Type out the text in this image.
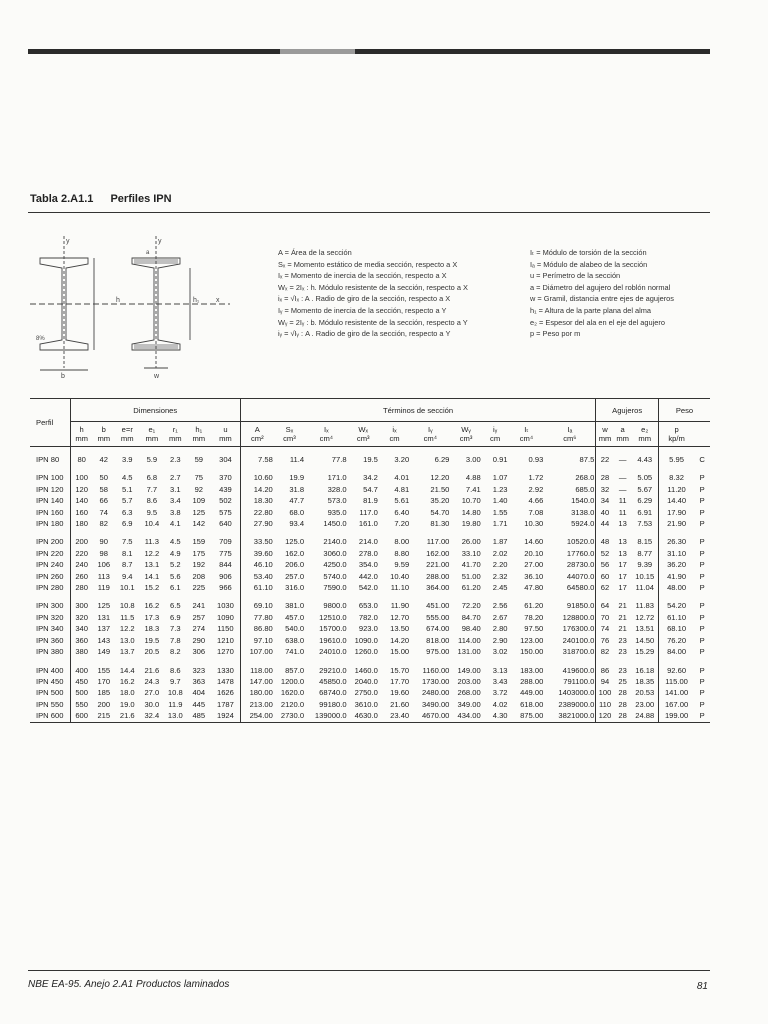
Tabla 2.A1.1 Perfiles IPN
y	y
x
h	h₁
b	w
8%
a	A = Área de la sección
Sₓ = Momento estático de media sección, respecto a X
Iₓ = Momento de inercia de la sección, respecto a X
Wₓ = 2Iₓ : h. Módulo resistente de la sección, respecto a X
iₓ = √Iₓ : A . Radio de giro de la sección, respecto a X
Iᵧ = Momento de inercia de la sección, respecto a Y
Wᵧ = 2Iᵧ : b. Módulo resistente de la sección, respecto a Y
iᵧ = √Iᵧ : A . Radio de giro de la sección, respecto a Y
Iₜ = Módulo de torsión de la sección
Iₐ = Módulo de alabeo de la sección
u = Perímetro de la sección
a = Diámetro del agujero del roblón normal
w = Gramil, distancia entre ejes de agujeros
h₁ = Altura de la parte plana del alma
e₂ = Espesor del ala en el eje del agujero
p = Peso por m
Perfil	Dimensiones							Términos de sección										Agujeros			Peso	
	h	b	e=r	e₁	r₁	h₁	u	A	Sₓ	Iₓ	Wₓ	iₓ	Iᵧ	Wᵧ	iᵧ	Iₜ	Iₐ	w	a	e₂	p	
	mm	mm	mm	mm	mm	mm	mm	cm²	cm³	cm⁴	cm³	cm	cm⁴	cm³	cm	cm⁴	cm⁶	mm	mm	mm	kp/m	

IPN 80	80	42	3.9	5.9	2.3	59	304	7.58	11.4	77.8	19.5	3.20	6.29	3.00	0.91	0.93	87.5	22	—	4.43	5.95	C

IPN 100	100	50	4.5	6.8	2.7	75	370	10.60	19.9	171.0	34.2	4.01	12.20	4.88	1.07	1.72	268.0	28	—	5.05	8.32	P
IPN 120	120	58	5.1	7.7	3.1	92	439	14.20	31.8	328.0	54.7	4.81	21.50	7.41	1.23	2.92	685.0	32	—	5.67	11.20	P
IPN 140	140	66	5.7	8.6	3.4	109	502	18.30	47.7	573.0	81.9	5.61	35.20	10.70	1.40	4.66	1540.0	34	11	6.29	14.40	P
IPN 160	160	74	6.3	9.5	3.8	125	575	22.80	68.0	935.0	117.0	6.40	54.70	14.80	1.55	7.08	3138.0	40	11	6.91	17.90	P
IPN 180	180	82	6.9	10.4	4.1	142	640	27.90	93.4	1450.0	161.0	7.20	81.30	19.80	1.71	10.30	5924.0	44	13	7.53	21.90	P

IPN 200	200	90	7.5	11.3	4.5	159	709	33.50	125.0	2140.0	214.0	8.00	117.00	26.00	1.87	14.60	10520.0	48	13	8.15	26.30	P
IPN 220	220	98	8.1	12.2	4.9	175	775	39.60	162.0	3060.0	278.0	8.80	162.00	33.10	2.02	20.10	17760.0	52	13	8.77	31.10	P
IPN 240	240	106	8.7	13.1	5.2	192	844	46.10	206.0	4250.0	354.0	9.59	221.00	41.70	2.20	27.00	28730.0	56	17	9.39	36.20	P
IPN 260	260	113	9.4	14.1	5.6	208	906	53.40	257.0	5740.0	442.0	10.40	288.00	51.00	2.32	36.10	44070.0	60	17	10.15	41.90	P
IPN 280	280	119	10.1	15.2	6.1	225	966	61.10	316.0	7590.0	542.0	11.10	364.00	61.20	2.45	47.80	64580.0	62	17	11.04	48.00	P

IPN 300	300	125	10.8	16.2	6.5	241	1030	69.10	381.0	9800.0	653.0	11.90	451.00	72.20	2.56	61.20	91850.0	64	21	11.83	54.20	P
IPN 320	320	131	11.5	17.3	6.9	257	1090	77.80	457.0	12510.0	782.0	12.70	555.00	84.70	2.67	78.20	128800.0	70	21	12.72	61.10	P
IPN 340	340	137	12.2	18.3	7.3	274	1150	86.80	540.0	15700.0	923.0	13.50	674.00	98.40	2.80	97.50	176300.0	74	21	13.51	68.10	P
IPN 360	360	143	13.0	19.5	7.8	290	1210	97.10	638.0	19610.0	1090.0	14.20	818.00	114.00	2.90	123.00	240100.0	76	23	14.50	76.20	P
IPN 380	380	149	13.7	20.5	8.2	306	1270	107.00	741.0	24010.0	1260.0	15.00	975.00	131.00	3.02	150.00	318700.0	82	23	15.29	84.00	P

IPN 400	400	155	14.4	21.6	8.6	323	1330	118.00	857.0	29210.0	1460.0	15.70	1160.00	149.00	3.13	183.00	419600.0	86	23	16.18	92.60	P
IPN 450	450	170	16.2	24.3	9.7	363	1478	147.00	1200.0	45850.0	2040.0	17.70	1730.00	203.00	3.43	288.00	791100.0	94	25	18.35	115.00	P
IPN 500	500	185	18.0	27.0	10.8	404	1626	180.00	1620.0	68740.0	2750.0	19.60	2480.00	268.00	3.72	449.00	1403000.0	100	28	20.53	141.00	P
IPN 550	550	200	19.0	30.0	11.9	445	1787	213.00	2120.0	99180.0	3610.0	21.60	3490.00	349.00	4.02	618.00	2389000.0	110	28	23.00	167.00	P
IPN 600	600	215	21.6	32.4	13.0	485	1924	254.00	2730.0	139000.0	4630.0	23.40	4670.00	434.00	4.30	875.00	3821000.0	120	28	24.88	199.00	P
NBE EA-95. Anejo 2.A1 Productos laminados	81
